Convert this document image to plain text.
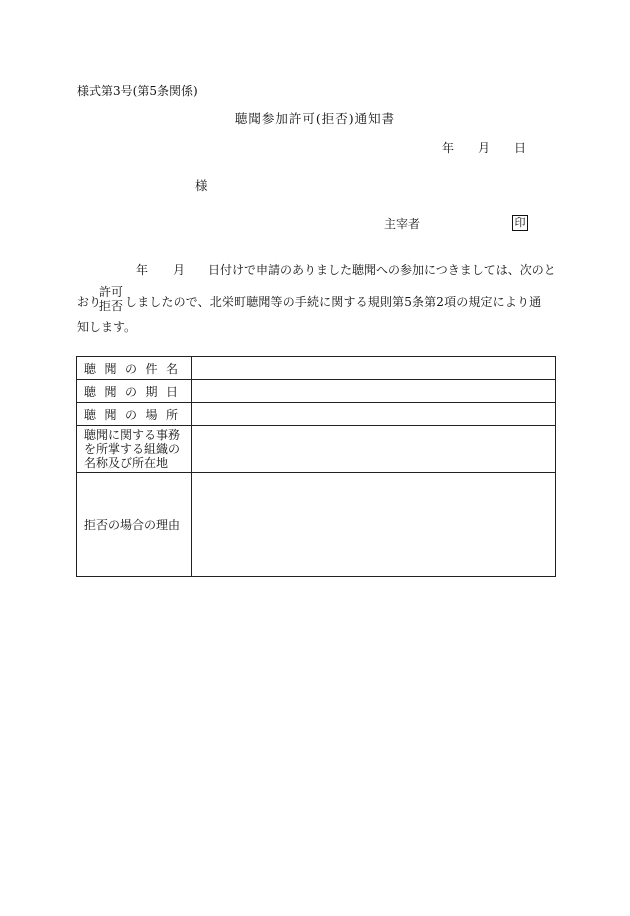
様式第3号(第5条関係)
聴聞参加許可(拒否)通知書
年 月 日
様
主宰者	印
年 月 日付けで申請のありました聴聞への参加につきましては、次のと
おり
許可
拒否 しましたので、北栄町聴聞等の手続に関する規則第5条第2項の規定により通
知します。
聴 聞 の 件 名	

聴 聞 の 期 日	

聴 聞 の 場 所	

聴聞に関する事務
を所掌する組織の
名称及び所在地	

拒否の場合の理由	
